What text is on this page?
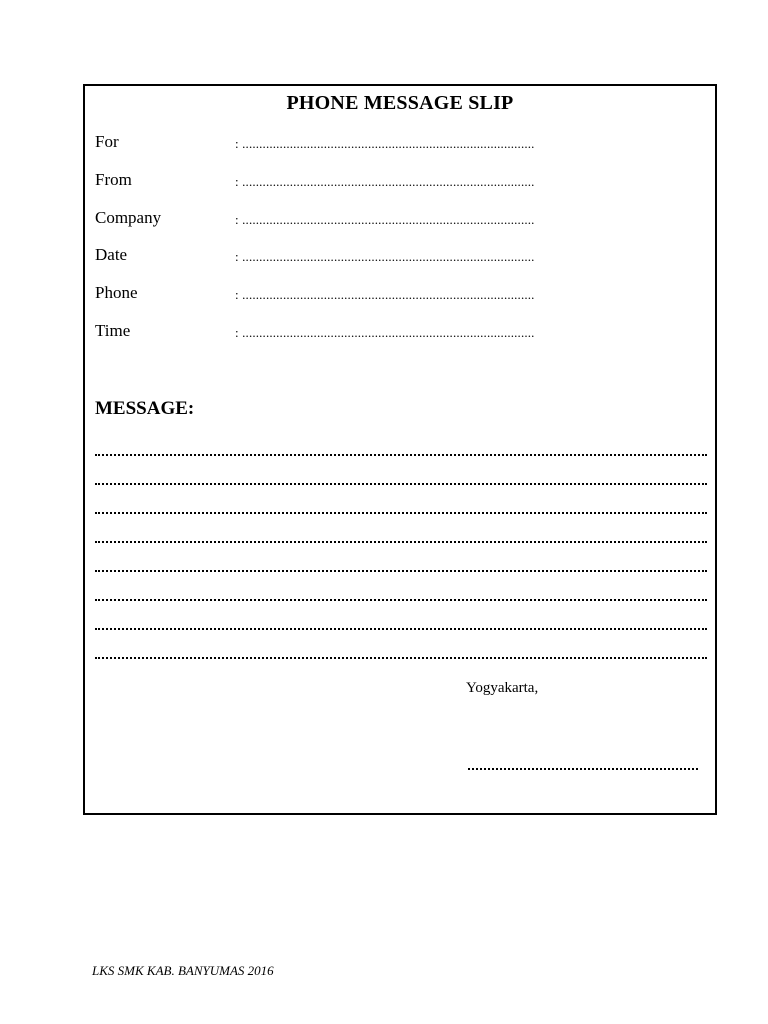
PHONE MESSAGE SLIP
For	: ......................................................................................
From	: ......................................................................................
Company	: ......................................................................................
Date	: ......................................................................................
Phone	: ......................................................................................
Time	: ......................................................................................
MESSAGE:
Yogyakarta,
LKS SMK KAB. BANYUMAS 2016
